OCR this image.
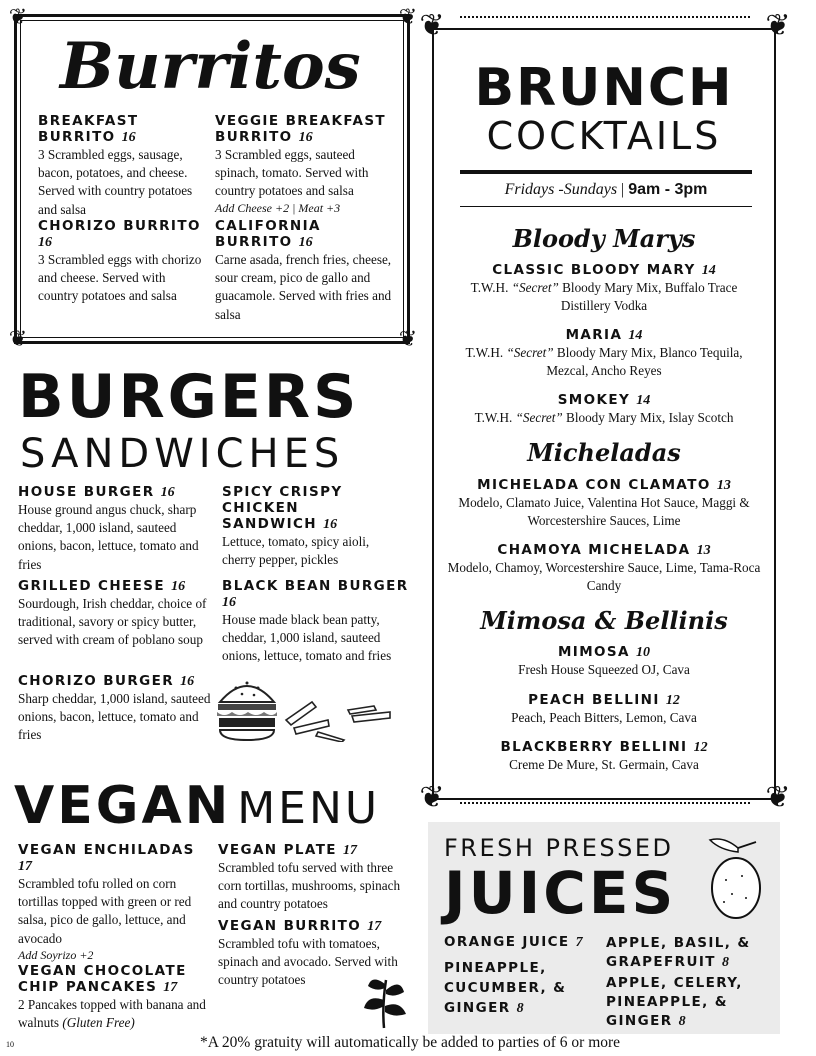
❦	❦
❦	❦
Burritos
BREAKFAST BURRITO 16
3 Scrambled eggs, sausage, bacon, potatoes, and cheese. Served with country potatoes and salsa
CHORIZO BURRITO 16
3 Scrambled eggs with chorizo and cheese. Served with country potatoes and salsa
VEGGIE BREAKFAST BURRITO 16
3 Scrambled eggs, sauteed spinach, tomato. Served with country potatoes and salsa
Add Cheese +2 | Meat +3
CALIFORNIA BURRITO 16
Carne asada, french fries, cheese, sour cream, pico de gallo and guacamole. Served with fries and salsa
BURGERS
SANDWICHES
HOUSE BURGER 16
House ground angus chuck, sharp cheddar, 1,000 island, sauteed onions, bacon, lettuce, tomato and fries
GRILLED CHEESE 16
Sourdough, Irish cheddar, choice of traditional, savory or spicy butter, served with cream of poblano soup
CHORIZO BURGER 16
Sharp cheddar, 1,000 island, sauteed onions, bacon, lettuce, tomato and fries
SPICY CRISPY CHICKEN SANDWICH 16
Lettuce, tomato, spicy aioli, cherry pepper, pickles
BLACK BEAN BURGER 16
House made black bean patty, cheddar, 1,000 island, sauteed onions, lettuce, tomato and fries
VEGAN MENU
VEGAN ENCHILADAS 17
Scrambled tofu rolled on corn tortillas topped with green or red salsa, pico de gallo, lettuce, and avocado
Add Soyrizo +2
VEGAN CHOCOLATE CHIP PANCAKES 17
2 Pancakes topped with banana and walnuts (Gluten Free)
VEGAN PLATE 17
Scrambled tofu served with three corn tortillas, mushrooms, spinach and country potatoes
VEGAN BURRITO 17
Scrambled tofu with tomatoes, spinach and avocado. Served with country potatoes
❦	❦
❦	❦
BRUNCH
COCKTAILS
Fridays -Sundays | 9am - 3pm
Bloody Marys
CLASSIC BLOODY MARY 14
T.W.H. “Secret” Bloody Mary Mix, Buffalo Trace Distillery Vodka
MARIA 14
T.W.H. “Secret” Bloody Mary Mix, Blanco Tequila, Mezcal, Ancho Reyes
SMOKEY 14
T.W.H. “Secret” Bloody Mary Mix, Islay Scotch
Micheladas
MICHELADA CON CLAMATO 13
Modelo, Clamato Juice, Valentina Hot Sauce, Maggi & Worcestershire Sauces, Lime
CHAMOYA MICHELADA 13
Modelo, Chamoy, Worcestershire Sauce, Lime, Tama-Roca Candy
Mimosa & Bellinis
MIMOSA 10
Fresh House Squeezed OJ, Cava
PEACH BELLINI 12
Peach, Peach Bitters, Lemon, Cava
BLACKBERRY BELLINI 12
Creme De Mure, St. Germain, Cava
FRESH PRESSED
JUICES
ORANGE JUICE 7
PINEAPPLE, CUCUMBER, & GINGER 8
APPLE, BASIL, & GRAPEFRUIT 8
APPLE, CELERY, PINEAPPLE, & GINGER 8
10	*A 20% gratuity will automatically be added to parties of 6 or more
